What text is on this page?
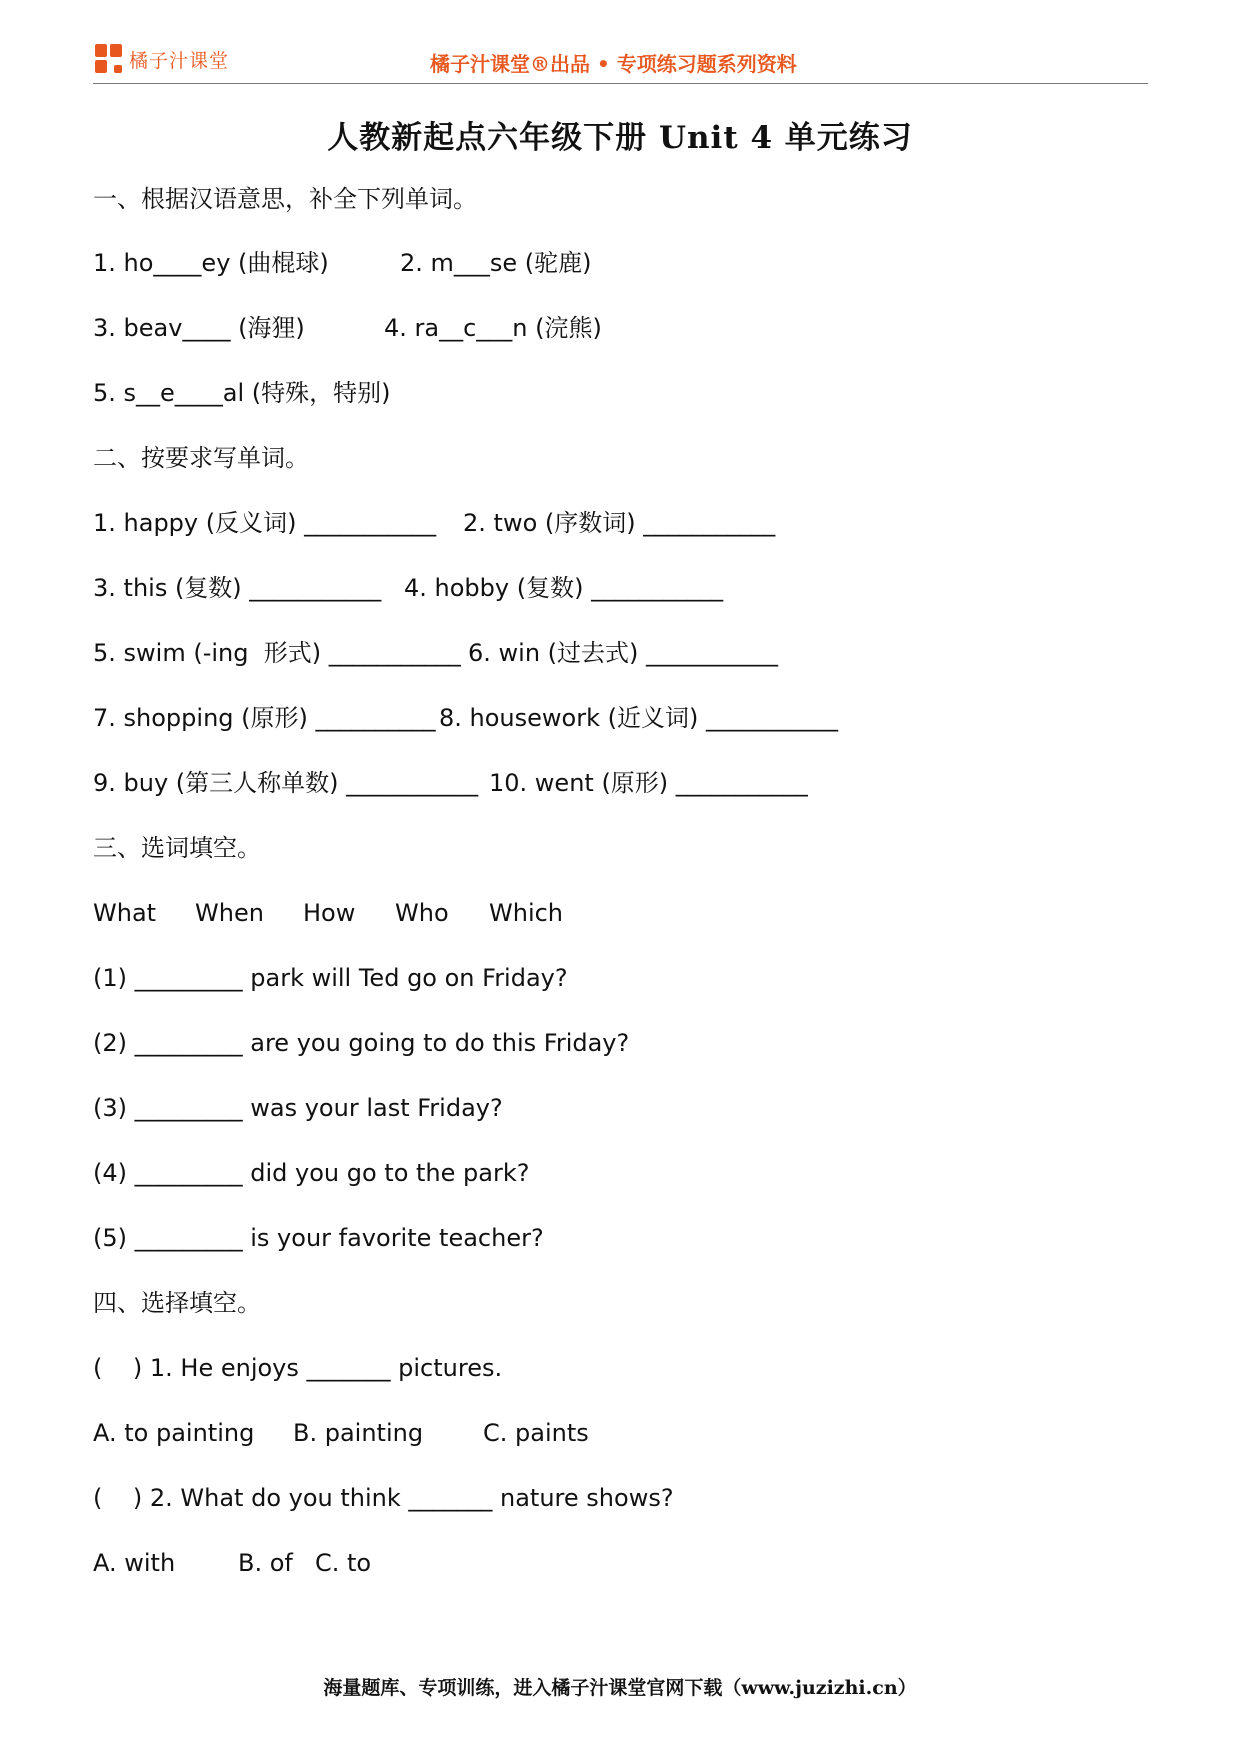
橘子汁课堂	橘子汁课堂®出品 • 专项练习题系列资料
人教新起点六年级下册 Unit 4 单元练习
一、根据汉语意思，补全下列单词。
1. ho____ey (曲棍球)	2. m___se (驼鹿)
3. beav____ (海狸)	4. ra__c___n (浣熊)
5. s__e____al (特殊，特别)
二、按要求写单词。
1. happy (反义词) ___________ 2. two (序数词) ___________
3. this (复数) ___________ 4. hobby (复数) ___________
5. swim (-ing  形式) ___________ 6. win (过去式) ___________
7. shopping (原形) __________ 8. housework (近义词) ___________
9. buy (第三人称单数) ___________ 10. went (原形) ___________
三、选词填空。
What When How Who Which
(1) _________ park will Ted go on Friday?
(2) _________ are you going to do this Friday?
(3) _________ was your last Friday?
(4) _________ did you go to the park?
(5) _________ is your favorite teacher?
四、选择填空。
(    ) 1. He enjoys _______ pictures.
A. to painting B. painting C. paints
(    ) 2. What do you think _______ nature shows?
A. with	B. of C. to
海量题库、专项训练，进入橘子汁课堂官网下载（www.juzizhi.cn）
